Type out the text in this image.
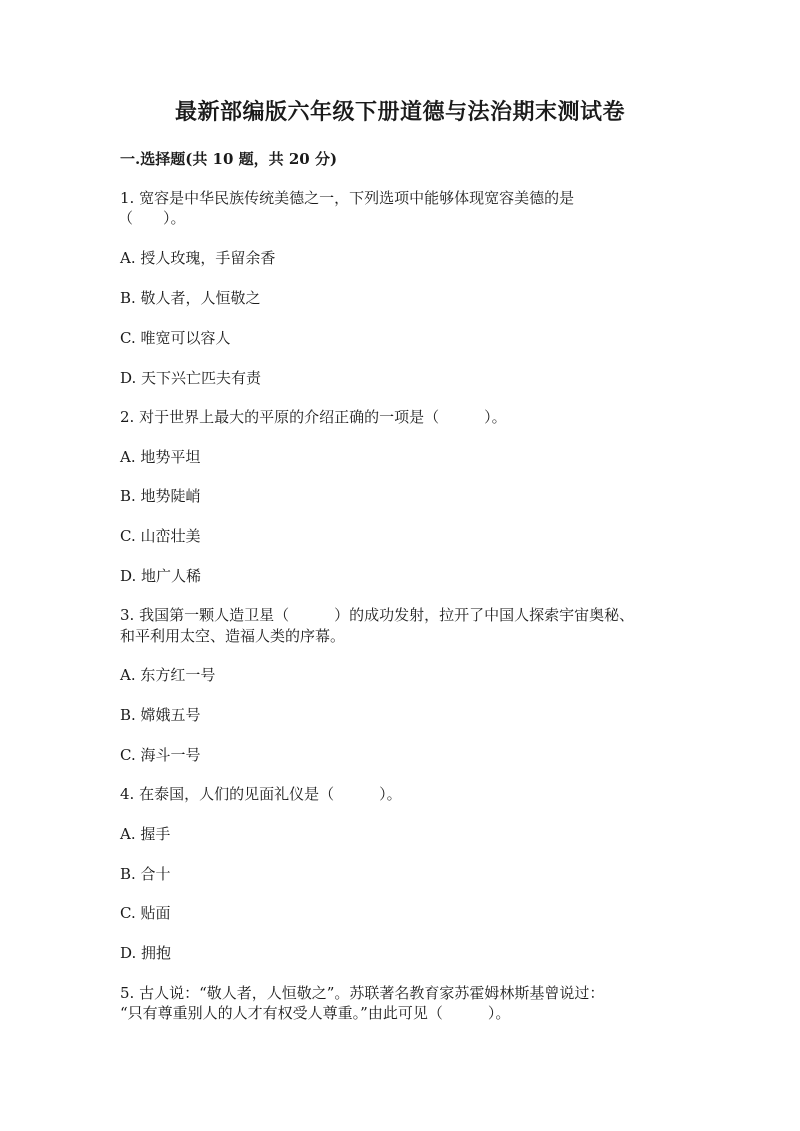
最新部编版六年级下册道德与法治期末测试卷
一.选择题(共 10 题，共 20 分)
1. 宽容是中华民族传统美德之一，下列选项中能够体现宽容美德的是
（　　）。
A. 授人玫瑰，手留余香
B. 敬人者，人恒敬之
C. 唯宽可以容人
D. 天下兴亡匹夫有责
2. 对于世界上最大的平原的介绍正确的一项是（　　　）。
A. 地势平坦
B. 地势陡峭
C. 山峦壮美
D. 地广人稀
3. 我国第一颗人造卫星（　　　）的成功发射，拉开了中国人探索宇宙奥秘、
和平利用太空、造福人类的序幕。
A. 东方红一号
B. 嫦娥五号
C. 海斗一号
4. 在泰国，人们的见面礼仪是（　　　）。
A. 握手
B. 合十
C. 贴面
D. 拥抱
5. 古人说：“敬人者，人恒敬之”。苏联著名教育家苏霍姆林斯基曾说过：
“只有尊重别人的人才有权受人尊重。”由此可见（　　　）。
